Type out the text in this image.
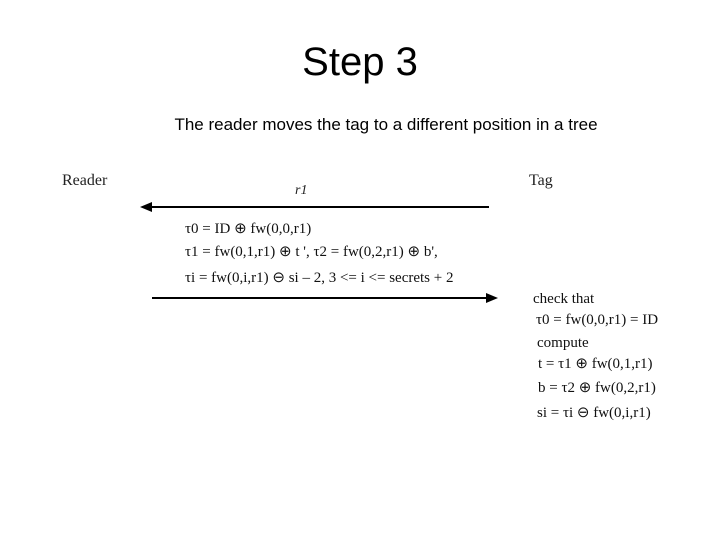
Step 3
The reader moves the tag to a different position in a tree
Reader	Tag
r1
τ0 = ID ⊕ fw(0,0,r1)
τ1 = fw(0,1,r1) ⊕ t ', τ2 = fw(0,2,r1) ⊕ b',
τi = fw(0,i,r1) ⊖ si – 2, 3 <= i <= secrets + 2
check that
τ0 = fw(0,0,r1) = ID
compute
t = τ1 ⊕ fw(0,1,r1)
b = τ2 ⊕ fw(0,2,r1)
si = τi ⊖ fw(0,i,r1)
